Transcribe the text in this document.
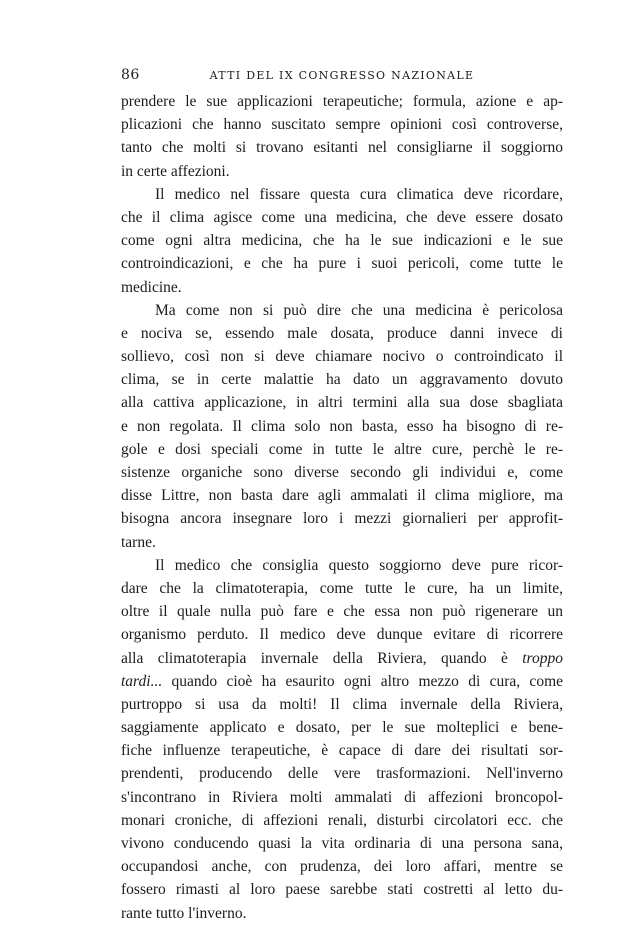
86	ATTI DEL IX CONGRESSO NAZIONALE
prendere le sue applicazioni terapeutiche; formula, azione e ap-
plicazioni che hanno suscitato sempre opinioni così controverse,
tanto che molti si trovano esitanti nel consigliarne il soggiorno
in certe affezioni.
Il medico nel fissare questa cura climatica deve ricordare,
che il clima agisce come una medicina, che deve essere dosato
come ogni altra medicina, che ha le sue indicazioni e le sue
controindicazioni, e che ha pure i suoi pericoli, come tutte le
medicine.
Ma come non si può dire che una medicina è pericolosa
e nociva se, essendo male dosata, produce danni invece di
sollievo, così non si deve chiamare nocivo o controindicato il
clima, se in certe malattie ha dato un aggravamento dovuto
alla cattiva applicazione, in altri termini alla sua dose sbagliata
e non regolata. Il clima solo non basta, esso ha bisogno di re-
gole e dosi speciali come in tutte le altre cure, perchè le re-
sistenze organiche sono diverse secondo gli individui e, come
disse Littre, non basta dare agli ammalati il clima migliore, ma
bisogna ancora insegnare loro i mezzi giornalieri per approfit-
tarne.
Il medico che consiglia questo soggiorno deve pure ricor-
dare che la climatoterapia, come tutte le cure, ha un limite,
oltre il quale nulla può fare e che essa non può rigenerare un
organismo perduto. Il medico deve dunque evitare di ricorrere
alla climatoterapia invernale della Riviera, quando è troppo
tardi... quando cioè ha esaurito ogni altro mezzo di cura, come
purtroppo si usa da molti! Il clima invernale della Riviera,
saggiamente applicato e dosato, per le sue molteplici e bene-
fiche influenze terapeutiche, è capace di dare dei risultati sor-
prendenti, producendo delle vere trasformazioni. Nell'inverno
s'incontrano in Riviera molti ammalati di affezioni broncopol-
monari croniche, di affezioni renali, disturbi circolatori ecc. che
vivono conducendo quasi la vita ordinaria di una persona sana,
occupandosi anche, con prudenza, dei loro affari, mentre se
fossero rimasti al loro paese sarebbe stati costretti al letto du-
rante tutto l'inverno.
